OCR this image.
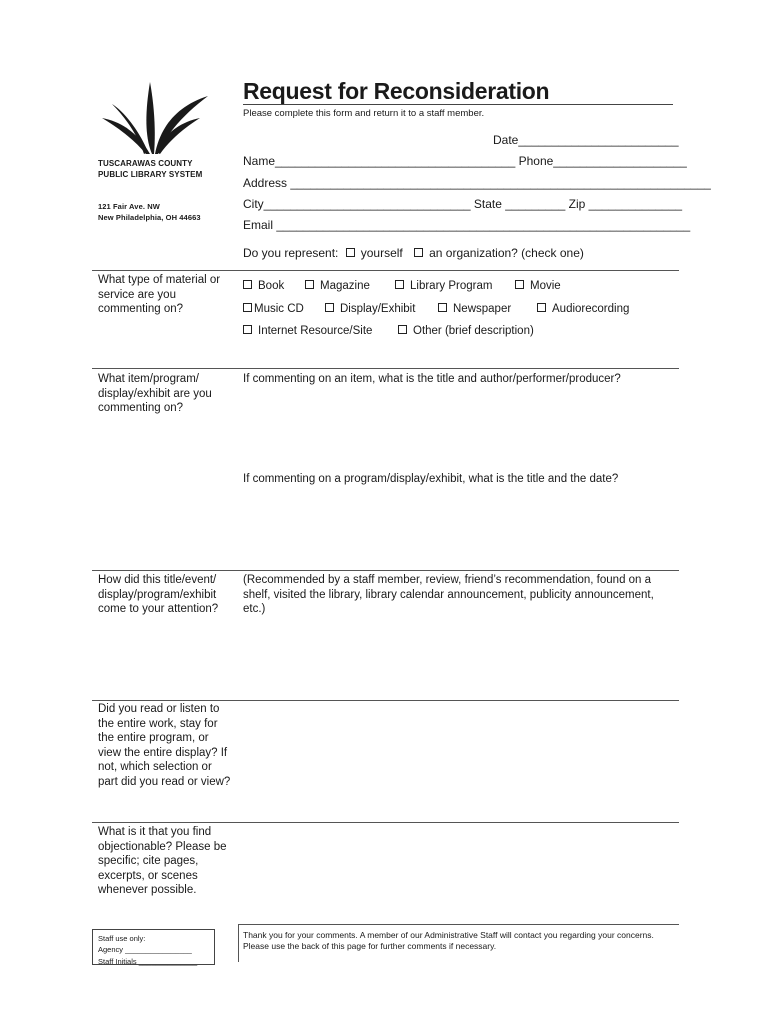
TUSCARAWAS COUNTY
PUBLIC LIBRARY SYSTEM
121 Fair Ave. NW
New Philadelphia, OH 44663
Request for Reconsideration
Please complete this form and return it to a staff member.
Date________________________
Name____________________________________ Phone____________________
Address _______________________________________________________________
City_______________________________ State _________ Zip ______________
Email ______________________________________________________________
Do you represent: yourself an organization? (check one)
What type of material or service are you commenting on?
Book	Magazine	Library Program	Movie
Music CD	Display/Exhibit	Newspaper	Audiorecording
Internet Resource/Site	Other (brief description)
What item/program/ display/exhibit are you commenting on?
If commenting on an item, what is the title and author/performer/producer?
If commenting on a program/display/exhibit, what is the title and the date?
How did this title/event/ display/program/exhibit come to your attention?
(Recommended by a staff member, review, friend’s recommendation, found on a shelf, visited the library, library calendar announcement, publicity announcement, etc.)
Did you read or listen to the entire work, stay for the entire program, or view the entire display? If not, which selection or part did you read or view?
What is it that you find objectionable? Please be specific; cite pages, excerpts, or scenes whenever possible.
Staff use only:
Agency ________________
Staff Initials ______________
Thank you for your comments. A member of our Administrative Staff will contact you regarding your concerns. Please use the back of this page for further comments if necessary.
